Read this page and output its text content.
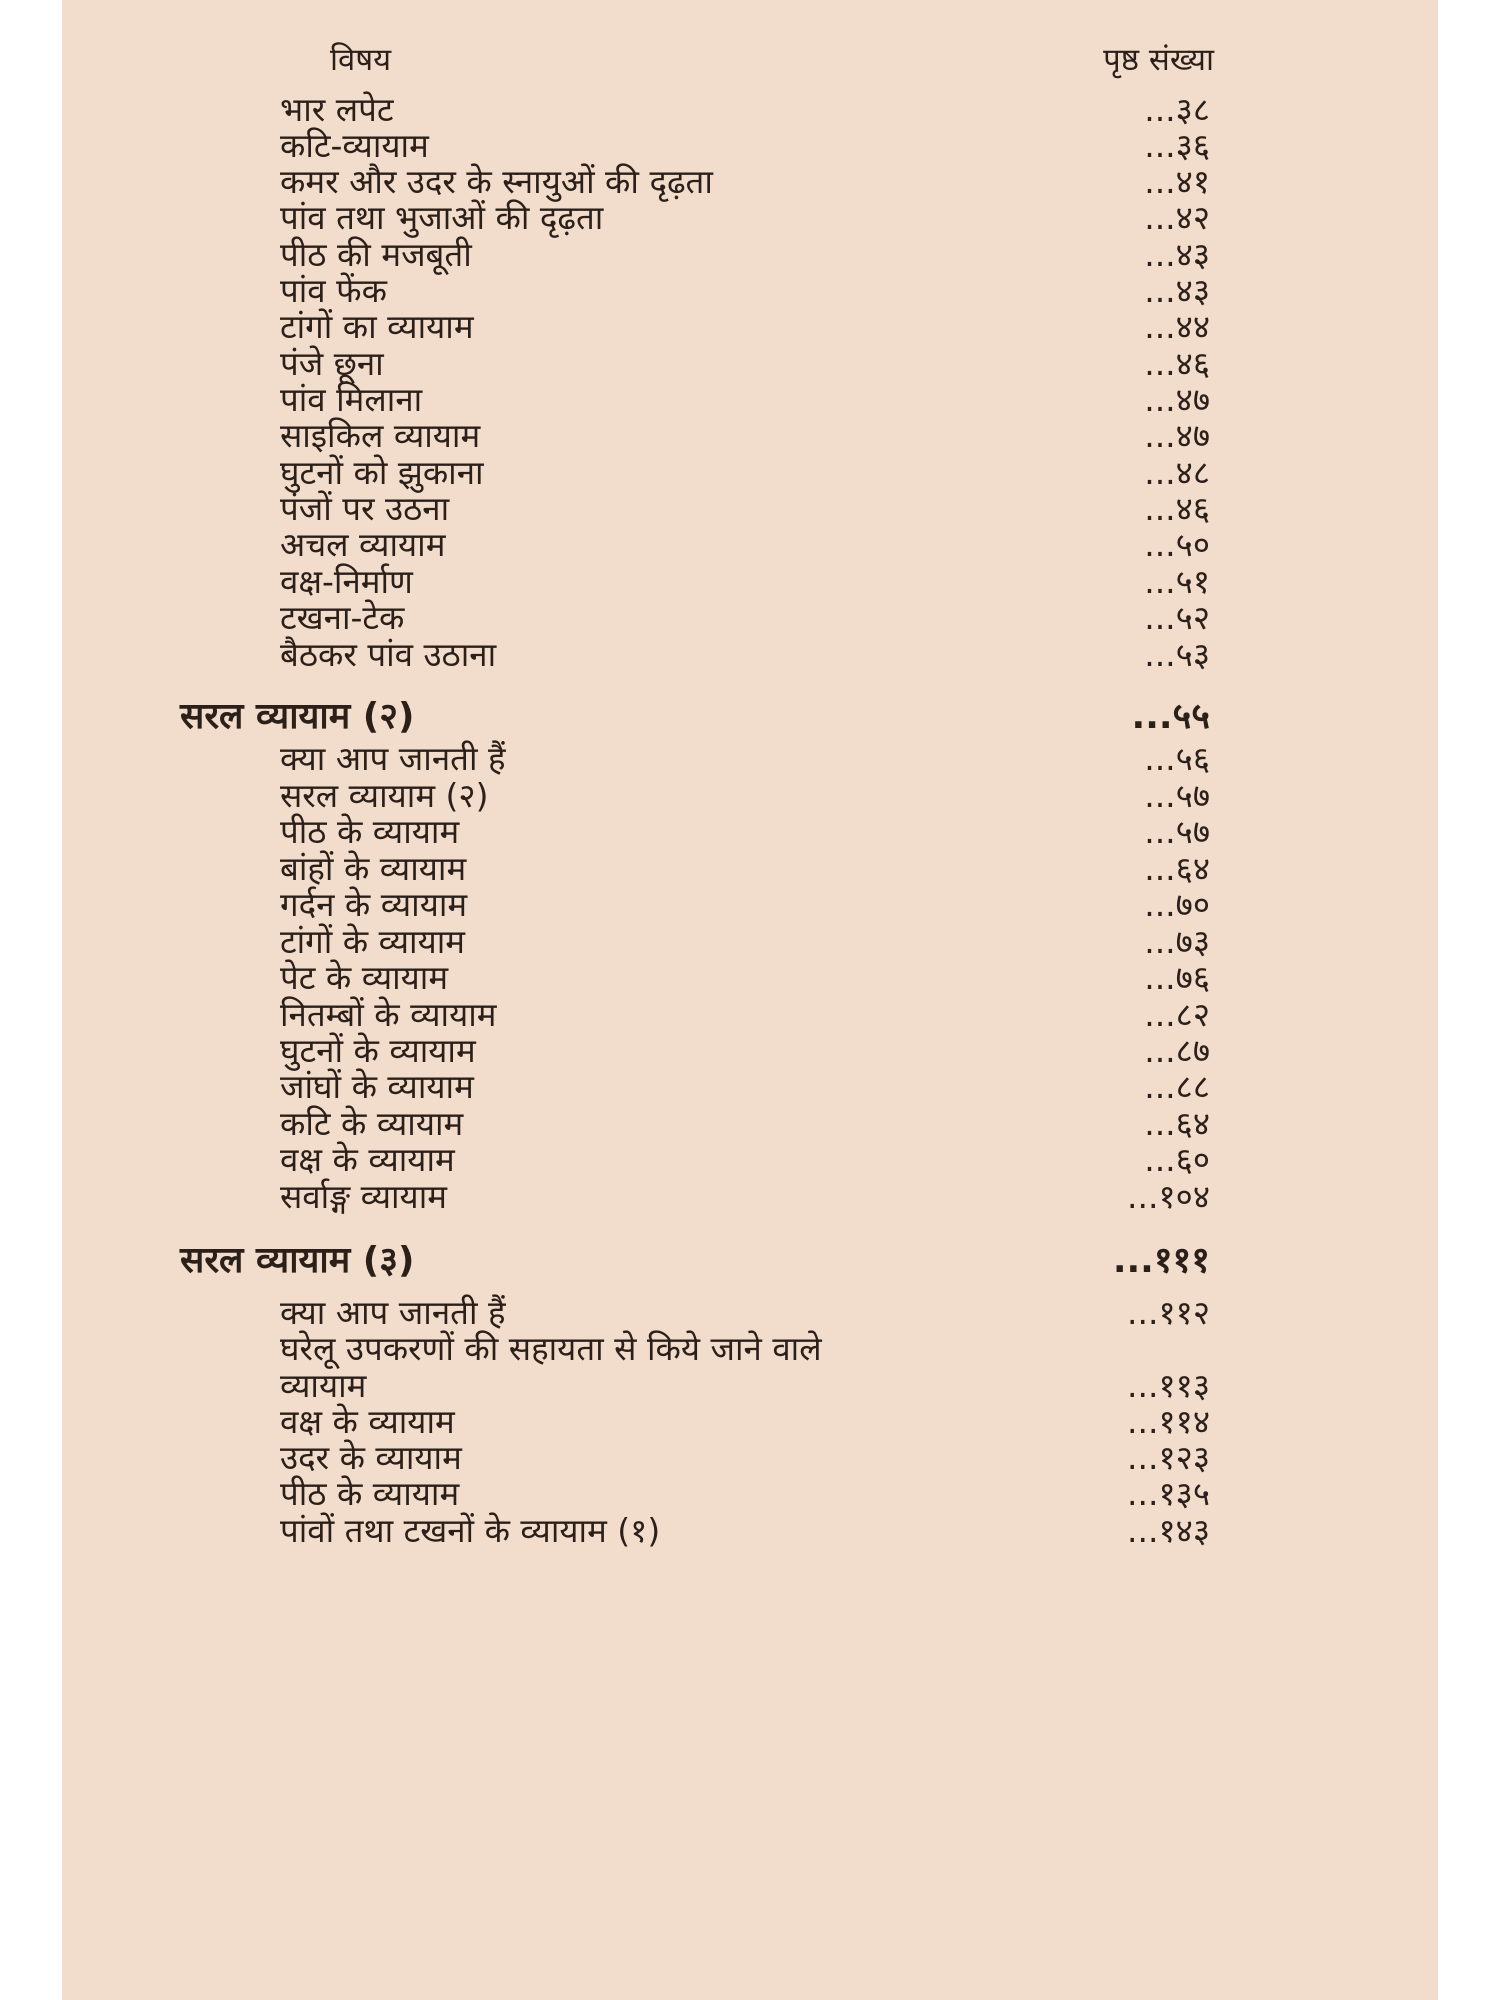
विषय	पृष्ठ संख्या
भार लपेट	...३८
कटि-व्यायाम	...३६
कमर और उदर के स्नायुओं की दृढ़ता	...४१
पांव तथा भुजाओं की दृढ़ता	...४२
पीठ की मजबूती	...४३
पांव फेंक	...४३
टांगों का व्यायाम	...४४
पंजे छूना	...४६
पांव मिलाना	...४७
साइकिल व्यायाम	...४७
घुटनों को झुकाना	...४८
पंजों पर उठना	...४६
अचल व्यायाम	...५०
वक्ष-निर्माण	...५१
टखना-टेक	...५२
बैठकर पांव उठाना	...५३
सरल व्यायाम (२)	...५५
क्या आप जानती हैं	...५६
सरल व्यायाम (२)	...५७
पीठ के व्यायाम	...५७
बांहों के व्यायाम	...६४
गर्दन के व्यायाम	...७०
टांगों के व्यायाम	...७३
पेट के व्यायाम	...७६
नितम्बों के व्यायाम	...८२
घुटनों के व्यायाम	...८७
जांघों के व्यायाम	...८८
कटि के व्यायाम	...६४
वक्ष के व्यायाम	...६०
सर्वाङ्ग व्यायाम	...१०४
सरल व्यायाम (३)	...१११
क्या आप जानती हैं	...११२
घरेलू उपकरणों की सहायता से किये जाने वाले
व्यायाम	...११३
वक्ष के व्यायाम	...११४
उदर के व्यायाम	...१२३
पीठ के व्यायाम	...१३५
पांवों तथा टखनों के व्यायाम (१)	...१४३
